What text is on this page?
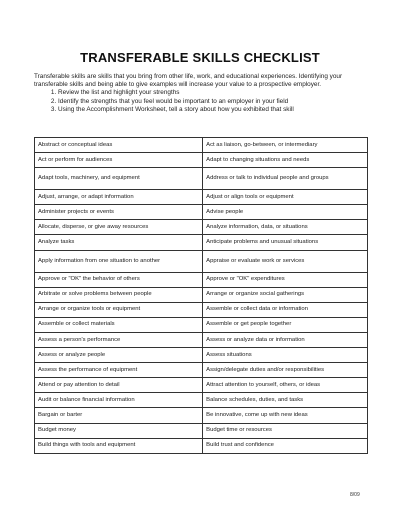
TRANSFERABLE SKILLS CHECKLIST

Transferable skills are skills that you bring from other life, work, and educational experiences. Identifying your transferable skills and being able to give examples will increase your value to a prospective employer.

1. Review the list and highlight your strengths
2. Identify the strengths that you feel would be important to an employer in your field
3. Using the Accomplishment Worksheet, tell a story about how you exhibited that skill
Abstract or conceptual ideas	Act as liaison, go-between, or intermediary
Act or perform for audiences	Adapt to changing situations and needs
Adapt tools, machinery, and equipment	Address or talk to individual people and groups
Adjust, arrange, or adapt information	Adjust or align tools or equipment
Administer projects or events	Advise people
Allocate, disperse, or give away resources	Analyze information, data, or situations
Analyze tasks	Anticipate problems and unusual situations
Apply information from one situation to another	Appraise or evaluate work or services
Approve or "OK" the behavior of others	Approve or "OK" expenditures
Arbitrate or solve problems between people	Arrange or organize social gatherings
Arrange or organize tools or equipment	Assemble or collect data or information
Assemble or collect materials	Assemble or get people together
Assess a person's performance	Assess or analyze data or information
Assess or analyze people	Assess situations
Assess the performance of equipment	Assign/delegate duties and/or responsibilities
Attend or pay attention to detail	Attract attention to yourself, others, or ideas
Audit or balance financial information	Balance schedules, duties, and tasks
Bargain or barter	Be innovative, come up with new ideas
Budget money	Budget time or resources
Build things with tools and equipment	Build trust and confidence
8/09
